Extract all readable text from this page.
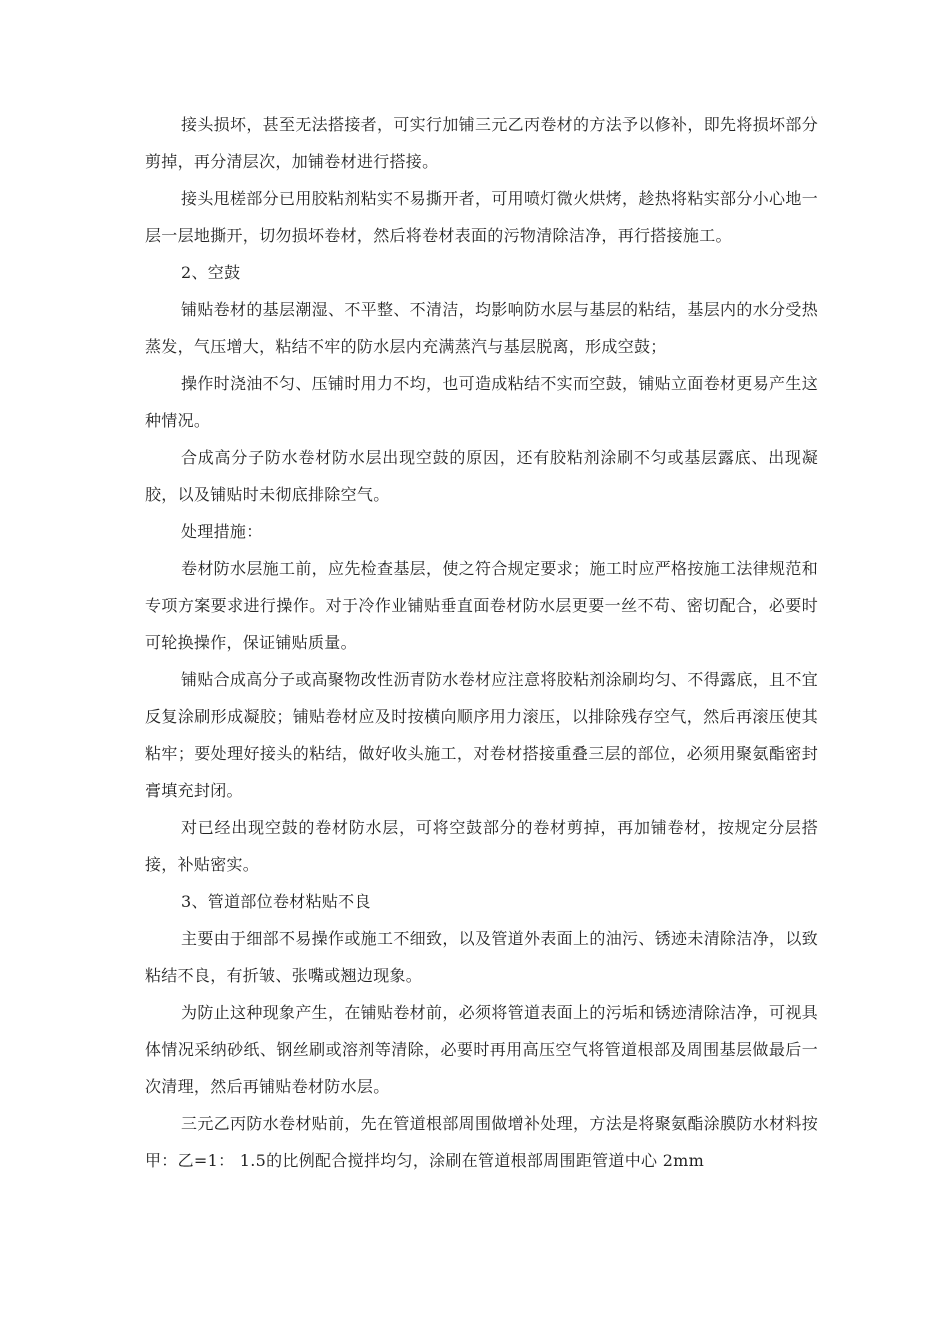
接头损坏，甚至无法搭接者，可实行加铺三元乙丙卷材的方法予以修补，即先将损坏部分剪掉，再分清层次，加铺卷材进行搭接。

接头甩槎部分已用胶粘剂粘实不易撕开者，可用喷灯微火烘烤，趁热将粘实部分小心地一层一层地撕开，切勿损坏卷材，然后将卷材表面的污物清除洁净，再行搭接施工。

2、空鼓

铺贴卷材的基层潮湿、不平整、不清洁，均影响防水层与基层的粘结，基层内的水分受热蒸发，气压增大，粘结不牢的防水层内充满蒸汽与基层脱离，形成空鼓；

操作时浇油不匀、压铺时用力不均，也可造成粘结不实而空鼓，铺贴立面卷材更易产生这种情况。

合成高分子防水卷材防水层出现空鼓的原因，还有胶粘剂涂刷不匀或基层露底、出现凝胶，以及铺贴时未彻底排除空气。

处理措施：

卷材防水层施工前，应先检查基层，使之符合规定要求；施工时应严格按施工法律规范和专项方案要求进行操作。对于冷作业铺贴垂直面卷材防水层更要一丝不苟、密切配合，必要时可轮换操作，保证铺贴质量。

铺贴合成高分子或高聚物改性沥青防水卷材应注意将胶粘剂涂刷均匀、不得露底，且不宜反复涂刷形成凝胶；铺贴卷材应及时按横向顺序用力滚压，以排除残存空气，然后再滚压使其粘牢；要处理好接头的粘结，做好收头施工，对卷材搭接重叠三层的部位，必须用聚氨酯密封膏填充封闭。

对已经出现空鼓的卷材防水层，可将空鼓部分的卷材剪掉，再加铺卷材，按规定分层搭接，补贴密实。

3、管道部位卷材粘贴不良

主要由于细部不易操作或施工不细致，以及管道外表面上的油污、锈迹未清除洁净，以致粘结不良，有折皱、张嘴或翘边现象。

为防止这种现象产生，在铺贴卷材前，必须将管道表面上的污垢和锈迹清除洁净，可视具体情况采纳砂纸、钢丝刷或溶剂等清除，必要时再用高压空气将管道根部及周围基层做最后一次清理，然后再铺贴卷材防水层。

三元乙丙防水卷材贴前，先在管道根部周围做增补处理，方法是将聚氨酯涂膜防水材料按甲：乙=1： 1.5的比例配合搅拌均匀，涂刷在管道根部周围距管道中心 2mm
